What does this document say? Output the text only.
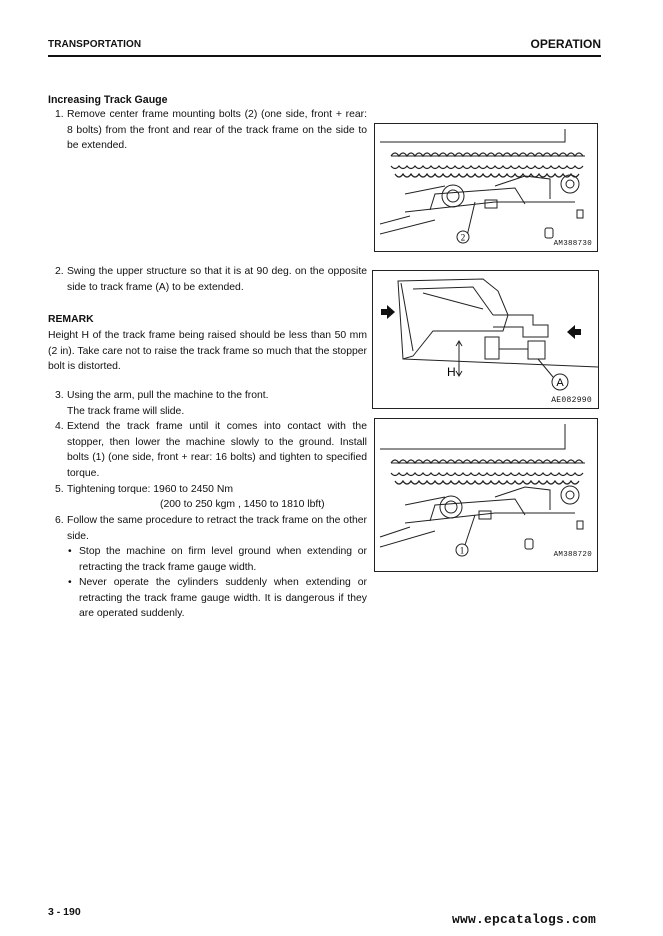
TRANSPORTATION	OPERATION
Increasing Track Gauge
1. Remove center frame mounting bolts (2) (one side, front + rear: 8 bolts) from the front and rear of the track frame on the side to be extended.
2. Swing the upper structure so that it is at 90 deg. on the opposite side to track frame (A) to be extended.
REMARK
Height H of the track frame being raised should be less than 50 mm (2 in). Take care not to raise the track frame so much that the stopper bolt is distorted.
3. Using the arm, pull the machine to the front. The track frame will slide.
4. Extend the track frame until it comes into contact with the stopper, then lower the machine slowly to the ground. Install bolts (1) (one side, front + rear: 16 bolts) and tighten to specified torque.
5. Tightening torque: 1960 to 2450 Nm
(200 to 250 kgm , 1450 to 1810 lbft)
6. Follow the same procedure to retract the track frame on the other side.
• Stop the machine on firm level ground when extending or retracting the track frame gauge width.
• Never operate the cylinders suddenly when extending or retracting the track frame gauge width. It is dangerous if they are operated suddenly.
2
AM388730
H
A
AE082990
1	AM388720
3 - 190	www.epcatalogs.com
